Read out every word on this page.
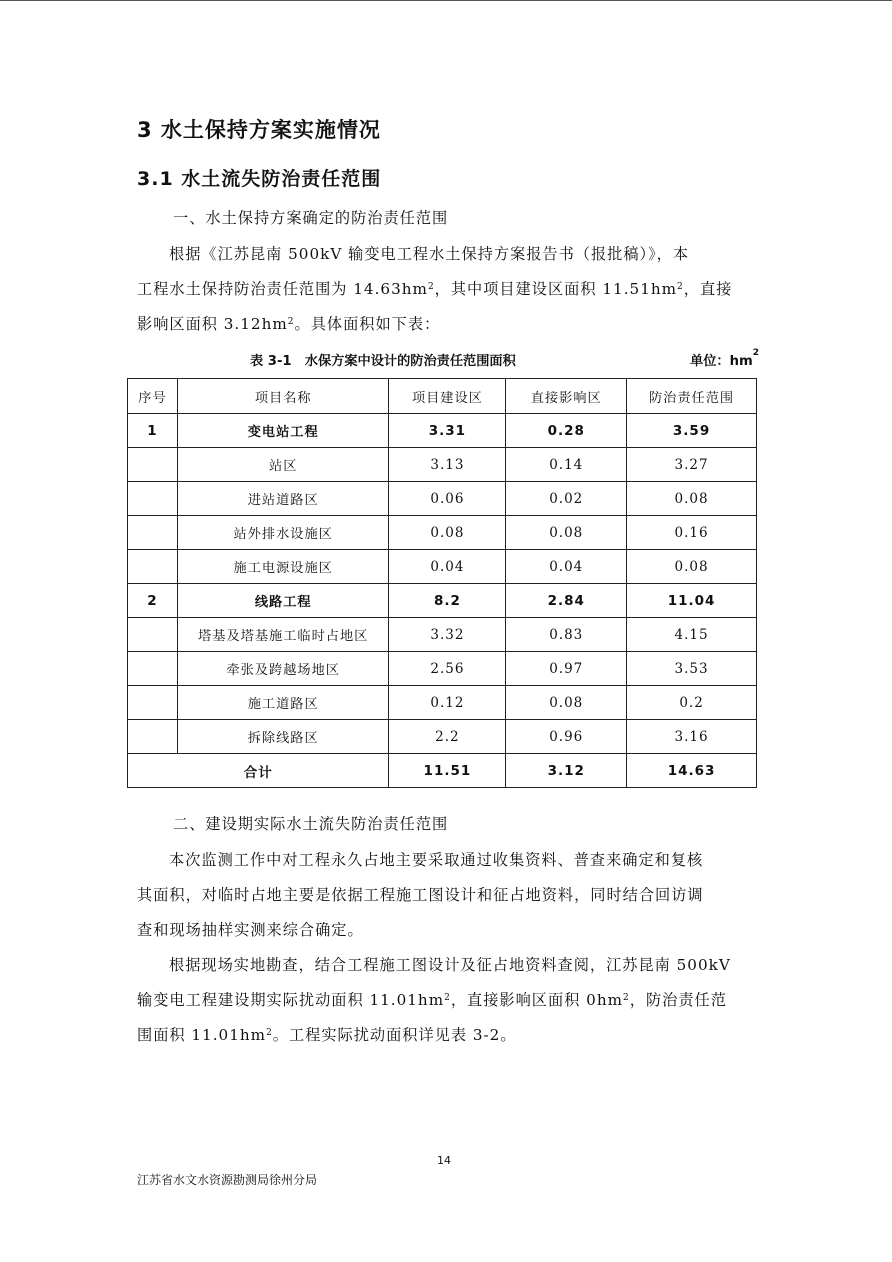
3 水土保持方案实施情况
3.1 水土流失防治责任范围
一、水土保持方案确定的防治责任范围

根据《江苏昆南 500kV 输变电工程水土保持方案报告书（报批稿）》，本
工程水土保持防治责任范围为 $14.63hm^2$，其中项目建设区面积 $11.51hm^2$，直接
影响区面积 $3.12hm^2$。具体面积如下表：

表 3-1　水保方案中设计的防治责任范围面积	单位：$hm^2$
序号	项目名称	项目建设区	直接影响区	防治责任范围
1	变电站工程	3.31	0.28	3.59
	站区	3.13	0.14	3.27
	进站道路区	0.06	0.02	0.08
	站外排水设施区	0.08	0.08	0.16
	施工电源设施区	0.04	0.04	0.08
2	线路工程	8.2	2.84	11.04
	塔基及塔基施工临时占地区	3.32	0.83	4.15
	牵张及跨越场地区	2.56	0.97	3.53
	施工道路区	0.12	0.08	0.2
	拆除线路区	2.2	0.96	3.16
合计		11.51	3.12	14.63
二、建设期实际水土流失防治责任范围

本次监测工作中对工程永久占地主要采取通过收集资料、普查来确定和复核
其面积，对临时占地主要是依据工程施工图设计和征占地资料，同时结合回访调
查和现场抽样实测来综合确定。

根据现场实地勘查，结合工程施工图设计及征占地资料查阅，江苏昆南 500kV
输变电工程建设期实际扰动面积 $11.01hm^2$，直接影响区面积 $0hm^2$，防治责任范
围面积 $11.01hm^2$。工程实际扰动面积详见表 3-2。

14
江苏省水文水资源勘测局徐州分局
